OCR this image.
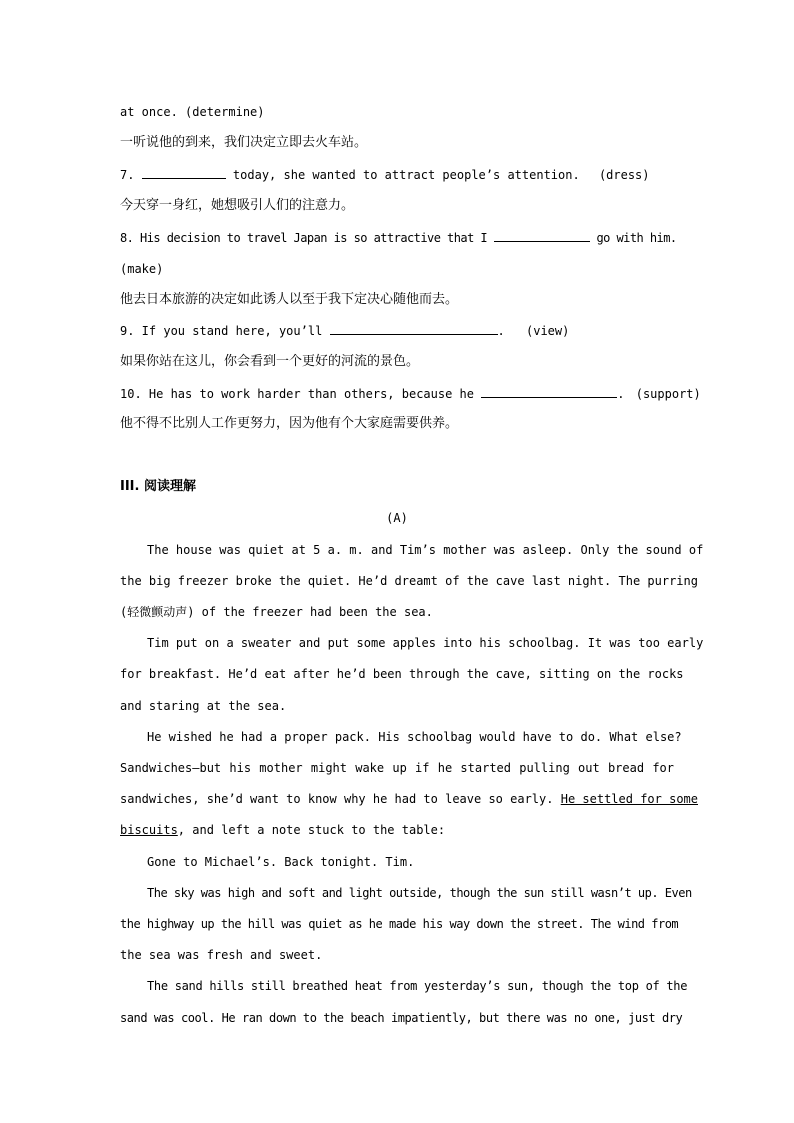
at once. (determine)
一听说他的到来，我们决定立即去火车站。
7.	today, she wanted to attract people’s attention. (dress)
今天穿一身红，她想吸引人们的注意力。
8. His decision to travel Japan is so attractive that I	go with him.
(make)
他去日本旅游的决定如此诱人以至于我下定决心随他而去。
9. If you stand here, you’ll	. (view)
如果你站在这儿，你会看到一个更好的河流的景色。
10. He has to work harder than others, because he	. (support)
他不得不比别人工作更努力，因为他有个大家庭需要供养。
III. 阅读理解
(A)
The house was quiet at 5 a. m. and Tim’s mother was asleep. Only the sound of
the big freezer broke the quiet. He’d dreamt of the cave last night. The purring
(轻微颤动声) of the freezer had been the sea.
Tim put on a sweater and put some apples into his schoolbag. It was too early
for breakfast. He’d eat after he’d been through the cave, sitting on the rocks
and staring at the sea.
He wished he had a proper pack. His schoolbag would have to do. What else?
Sandwiches—but his mother might wake up if he started pulling out bread for
sandwiches, she’d want to know why he had to leave so early. He settled for some
biscuits, and left a note stuck to the table:
Gone to Michael’s. Back tonight. Tim.
The sky was high and soft and light outside, though the sun still wasn’t up. Even
the highway up the hill was quiet as he made his way down the street. The wind from
the sea was fresh and sweet.
The sand hills still breathed heat from yesterday’s sun, though the top of the
sand was cool. He ran down to the beach impatiently, but there was no one, just dry
